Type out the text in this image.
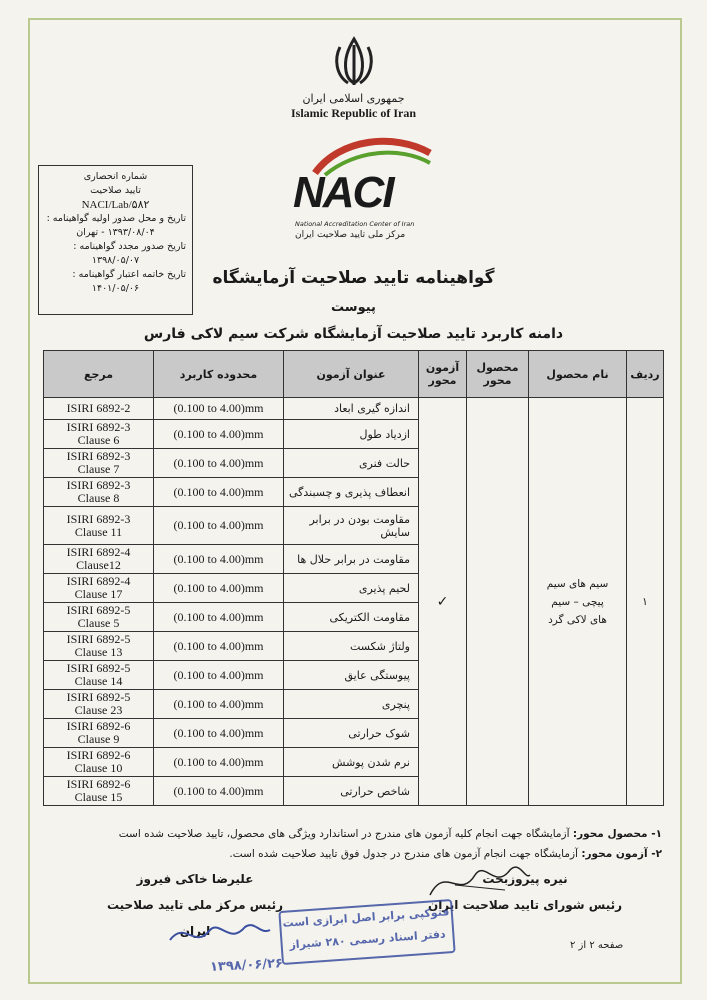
جمهوری اسلامی ایران
Islamic Republic of Iran
NACI
National Accreditation Center of Iran
مرکز ملی تایید صلاحیت ایران
شماره انحصاری
تایید صلاحیت
NACI/Lab/۵۸۲
تاریخ و محل صدور اولیه گواهینامه :
۱۳۹۳/۰۸/۰۴ - تهران
تاریخ صدور مجدد گواهینامه :
۱۳۹۸/۰۵/۰۷
تاریخ خاتمه اعتبار گواهینامه :
۱۴۰۱/۰۵/۰۶
گواهینامه تایید صلاحیت آزمایشگاه
پیوست
دامنه کاربرد تایید صلاحیت آزمایشگاه شرکت سیم لاکی فارس
ردیف	نام محصول	محصول محور	آزمون محور	عنوان آزمون	محدوده کاربرد	مرجع
۱	سیم های سیم پیچی – سیم های لاکی گرد		✓	اندازه گیری ابعاد	(0.100 to 4.00)mm	ISIRI 6892-2

				ازدیاد طول	(0.100 to 4.00)mm	ISIRI 6892-3
Clause 6

				حالت فنری	(0.100 to 4.00)mm	ISIRI 6892-3
Clause 7

				انعطاف پذیری و چسبندگی	(0.100 to 4.00)mm	ISIRI 6892-3
Clause 8

				مقاومت بودن در برابر سایش	(0.100 to 4.00)mm	ISIRI 6892-3
Clause 11

				مقاومت در برابر حلال ها	(0.100 to 4.00)mm	ISIRI 6892-4
Clause12

				لحیم پذیری	(0.100 to 4.00)mm	ISIRI 6892-4
Clause 17

				مقاومت الکتریکی	(0.100 to 4.00)mm	ISIRI 6892-5
Clause 5

				ولتاژ شکست	(0.100 to 4.00)mm	ISIRI 6892-5
Clause 13

				پیوستگی عایق	(0.100 to 4.00)mm	ISIRI 6892-5
Clause 14

				پنچری	(0.100 to 4.00)mm	ISIRI 6892-5
Clause 23

				شوک حرارتی	(0.100 to 4.00)mm	ISIRI 6892-6
Clause 9

				نرم شدن پوشش	(0.100 to 4.00)mm	ISIRI 6892-6
Clause 10

				شاخص حرارتی	(0.100 to 4.00)mm	ISIRI 6892-6
Clause 15
۱- محصول محور: آزمایشگاه جهت انجام کلیه آزمون های مندرج در استاندارد ویژگی های محصول، تایید صلاحیت شده است
۲- آزمون محور: آزمایشگاه جهت انجام آزمون های مندرج در جدول فوق تایید صلاحیت شده است.
علیرضا خاکی فیروز
رئیس مرکز ملی تایید صلاحیت ایران
نیره پیروزبخت
رئیس شورای تایید صلاحیت ایران
فتوکپی برابر اصل ابرازی است
دفتر اسناد رسمی ۲۸۰ شیراز
۱۳۹۸/۰۶/۲۶
صفحه ۲ از ۲
